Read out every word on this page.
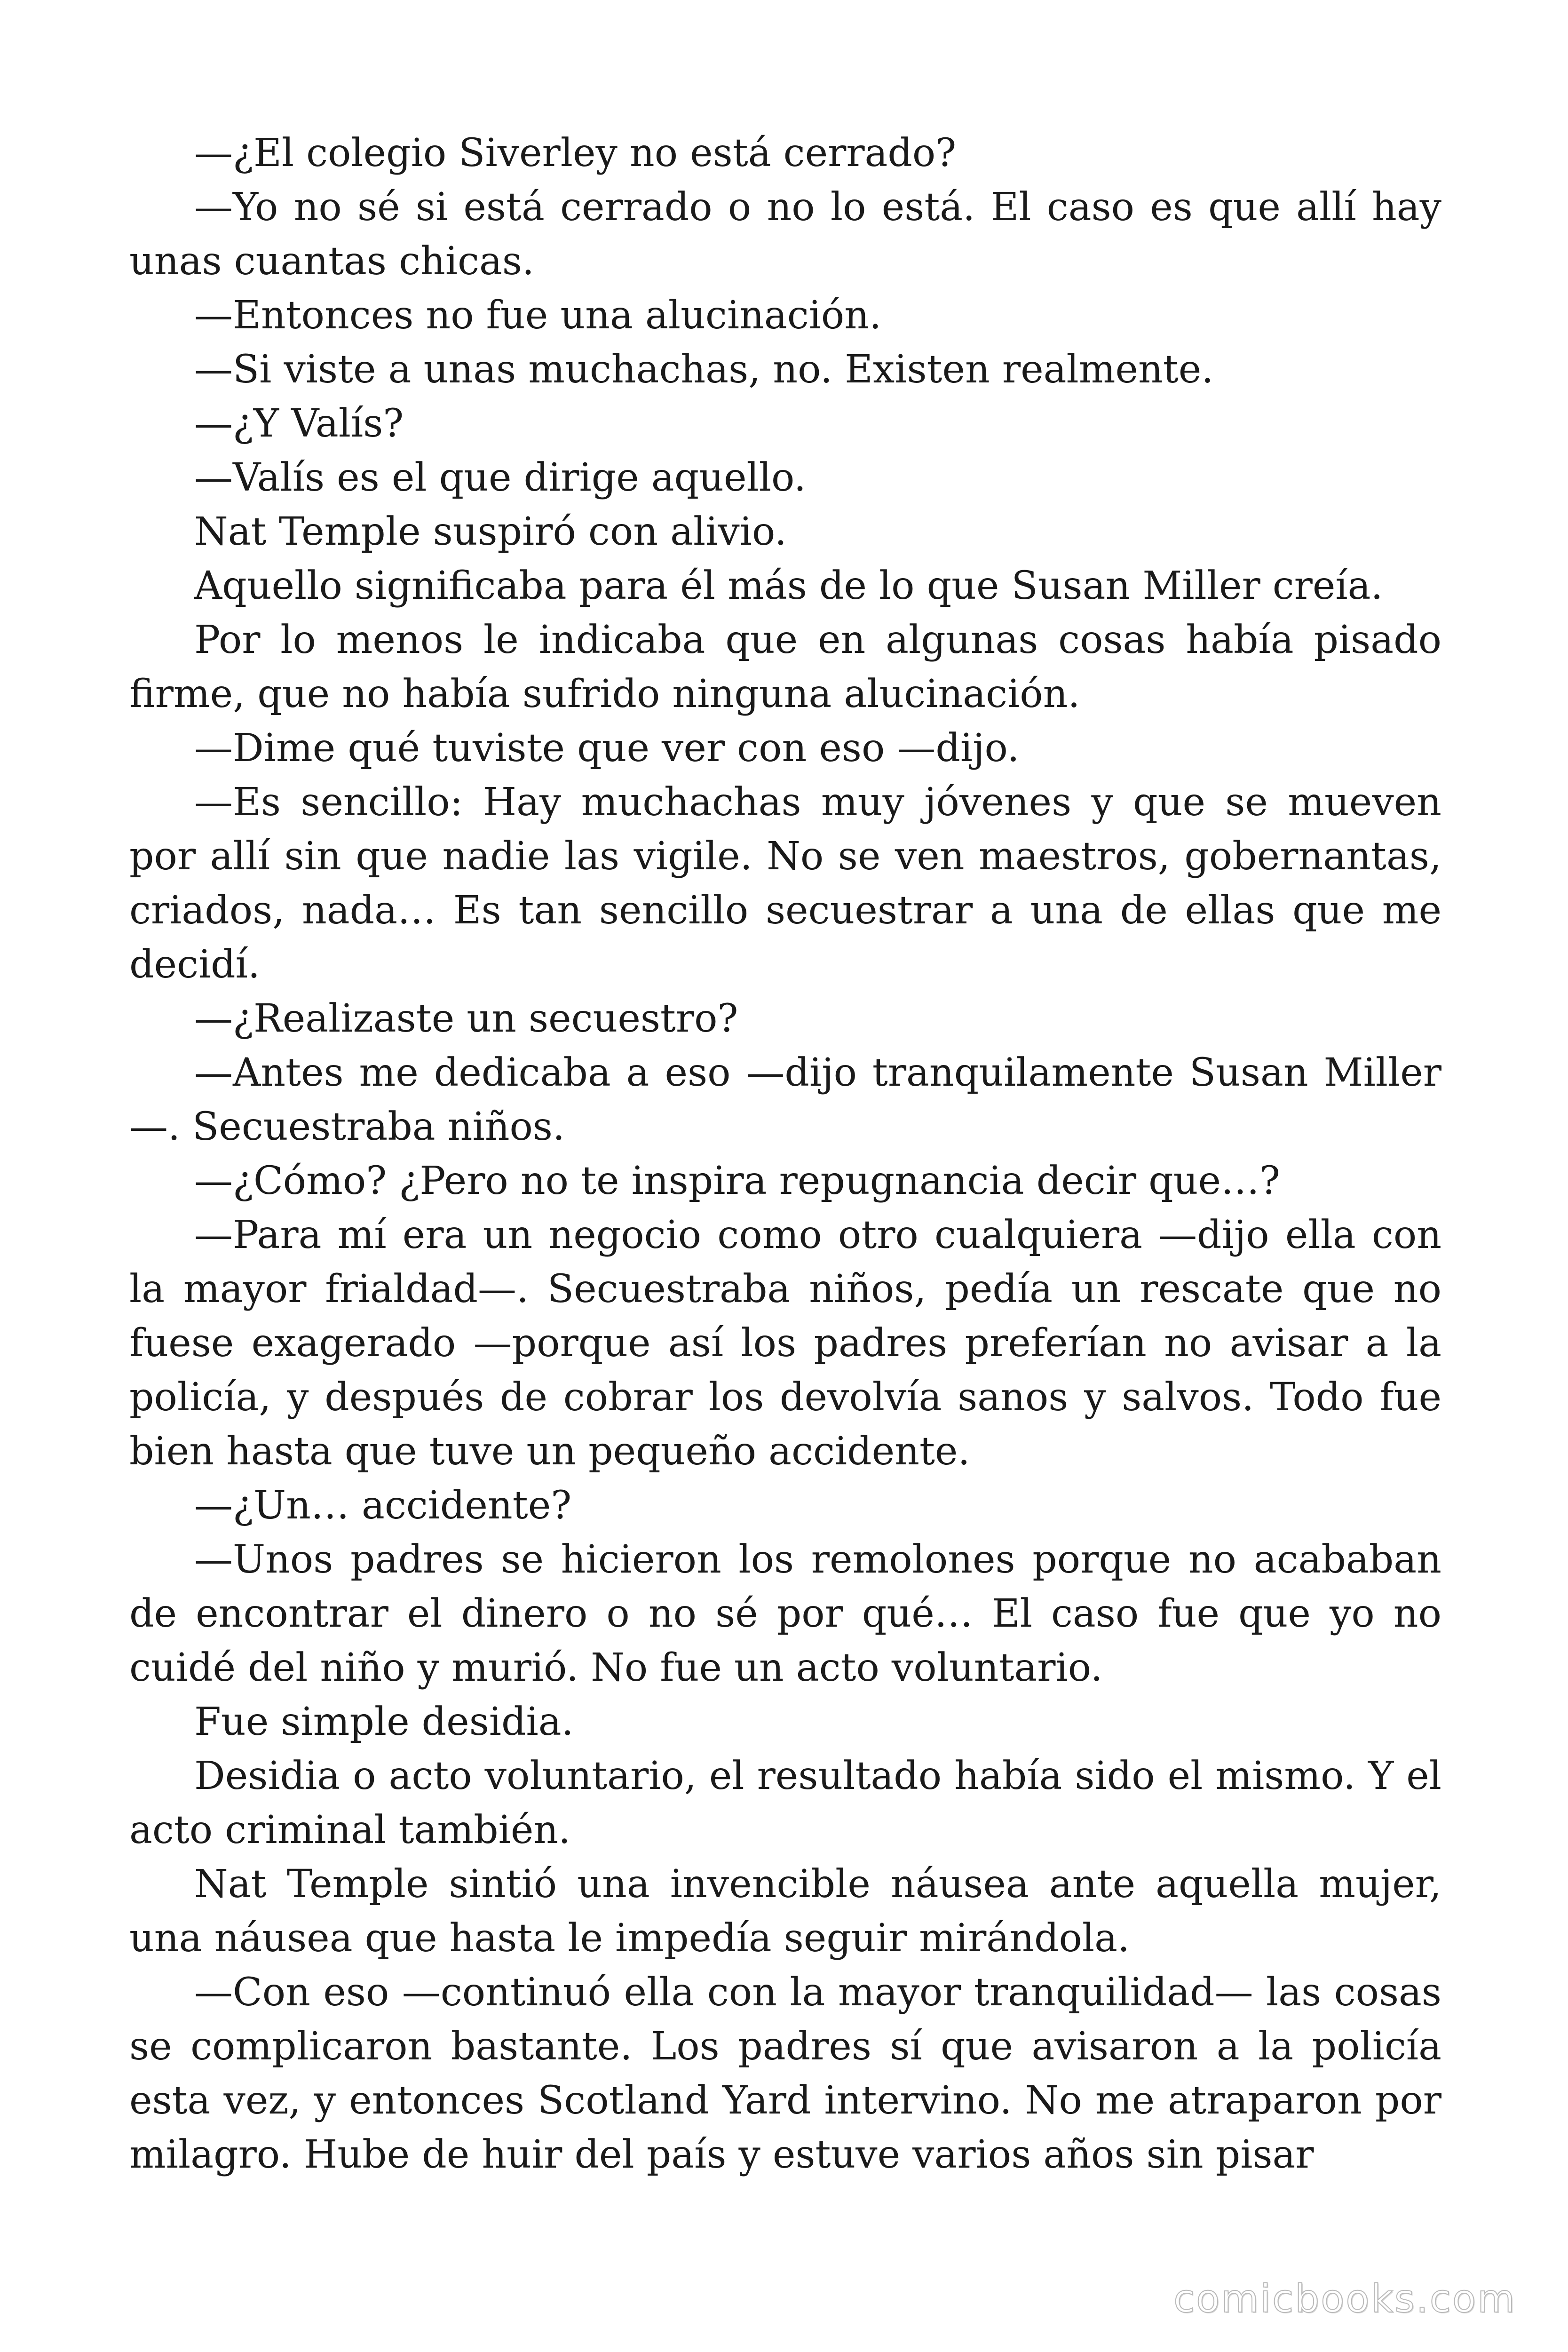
—¿El colegio Siverley no está cerrado?

—Yo no sé si está cerrado o no lo está. El caso es que allí hay unas cuantas chicas.

—Entonces no fue una alucinación.

—Si viste a unas muchachas, no. Existen realmente.

—¿Y Valís?

—Valís es el que dirige aquello.

Nat Temple suspiró con alivio.

Aquello significaba para él más de lo que Susan Miller creía.

Por lo menos le indicaba que en algunas cosas había pisado firme, que no había sufrido ninguna alucinación.

—Dime qué tuviste que ver con eso —dijo.

—Es sencillo: Hay muchachas muy jóvenes y que se mueven por allí sin que nadie las vigile. No se ven maestros, gobernantas, criados, nada… Es tan sencillo secuestrar a una de ellas que me decidí.

—¿Realizaste un secuestro?

—Antes me dedicaba a eso —dijo tranquilamente Susan Miller —. Secuestraba niños.

—¿Cómo? ¿Pero no te inspira repugnancia decir que…?

—Para mí era un negocio como otro cualquiera —dijo ella con la mayor frialdad—. Secuestraba niños, pedía un rescate que no fuese exagerado —porque así los padres preferían no avisar a la policía, y después de cobrar los devolvía sanos y salvos. Todo fue bien hasta que tuve un pequeño accidente.

—¿Un… accidente?

—Unos padres se hicieron los remolones porque no acababan de encontrar el dinero o no sé por qué… El caso fue que yo no cuidé del niño y murió. No fue un acto voluntario.

Fue simple desidia.

Desidia o acto voluntario, el resultado había sido el mismo. Y el acto criminal también.

Nat Temple sintió una invencible náusea ante aquella mujer, una náusea que hasta le impedía seguir mirándola.

—Con eso —continuó ella con la mayor tranquilidad— las cosas se complicaron bastante. Los padres sí que avisaron a la policía esta vez, y entonces Scotland Yard intervino. No me atraparon por milagro. Hube de huir del país y estuve varios años sin pisar

comicbooks.com
